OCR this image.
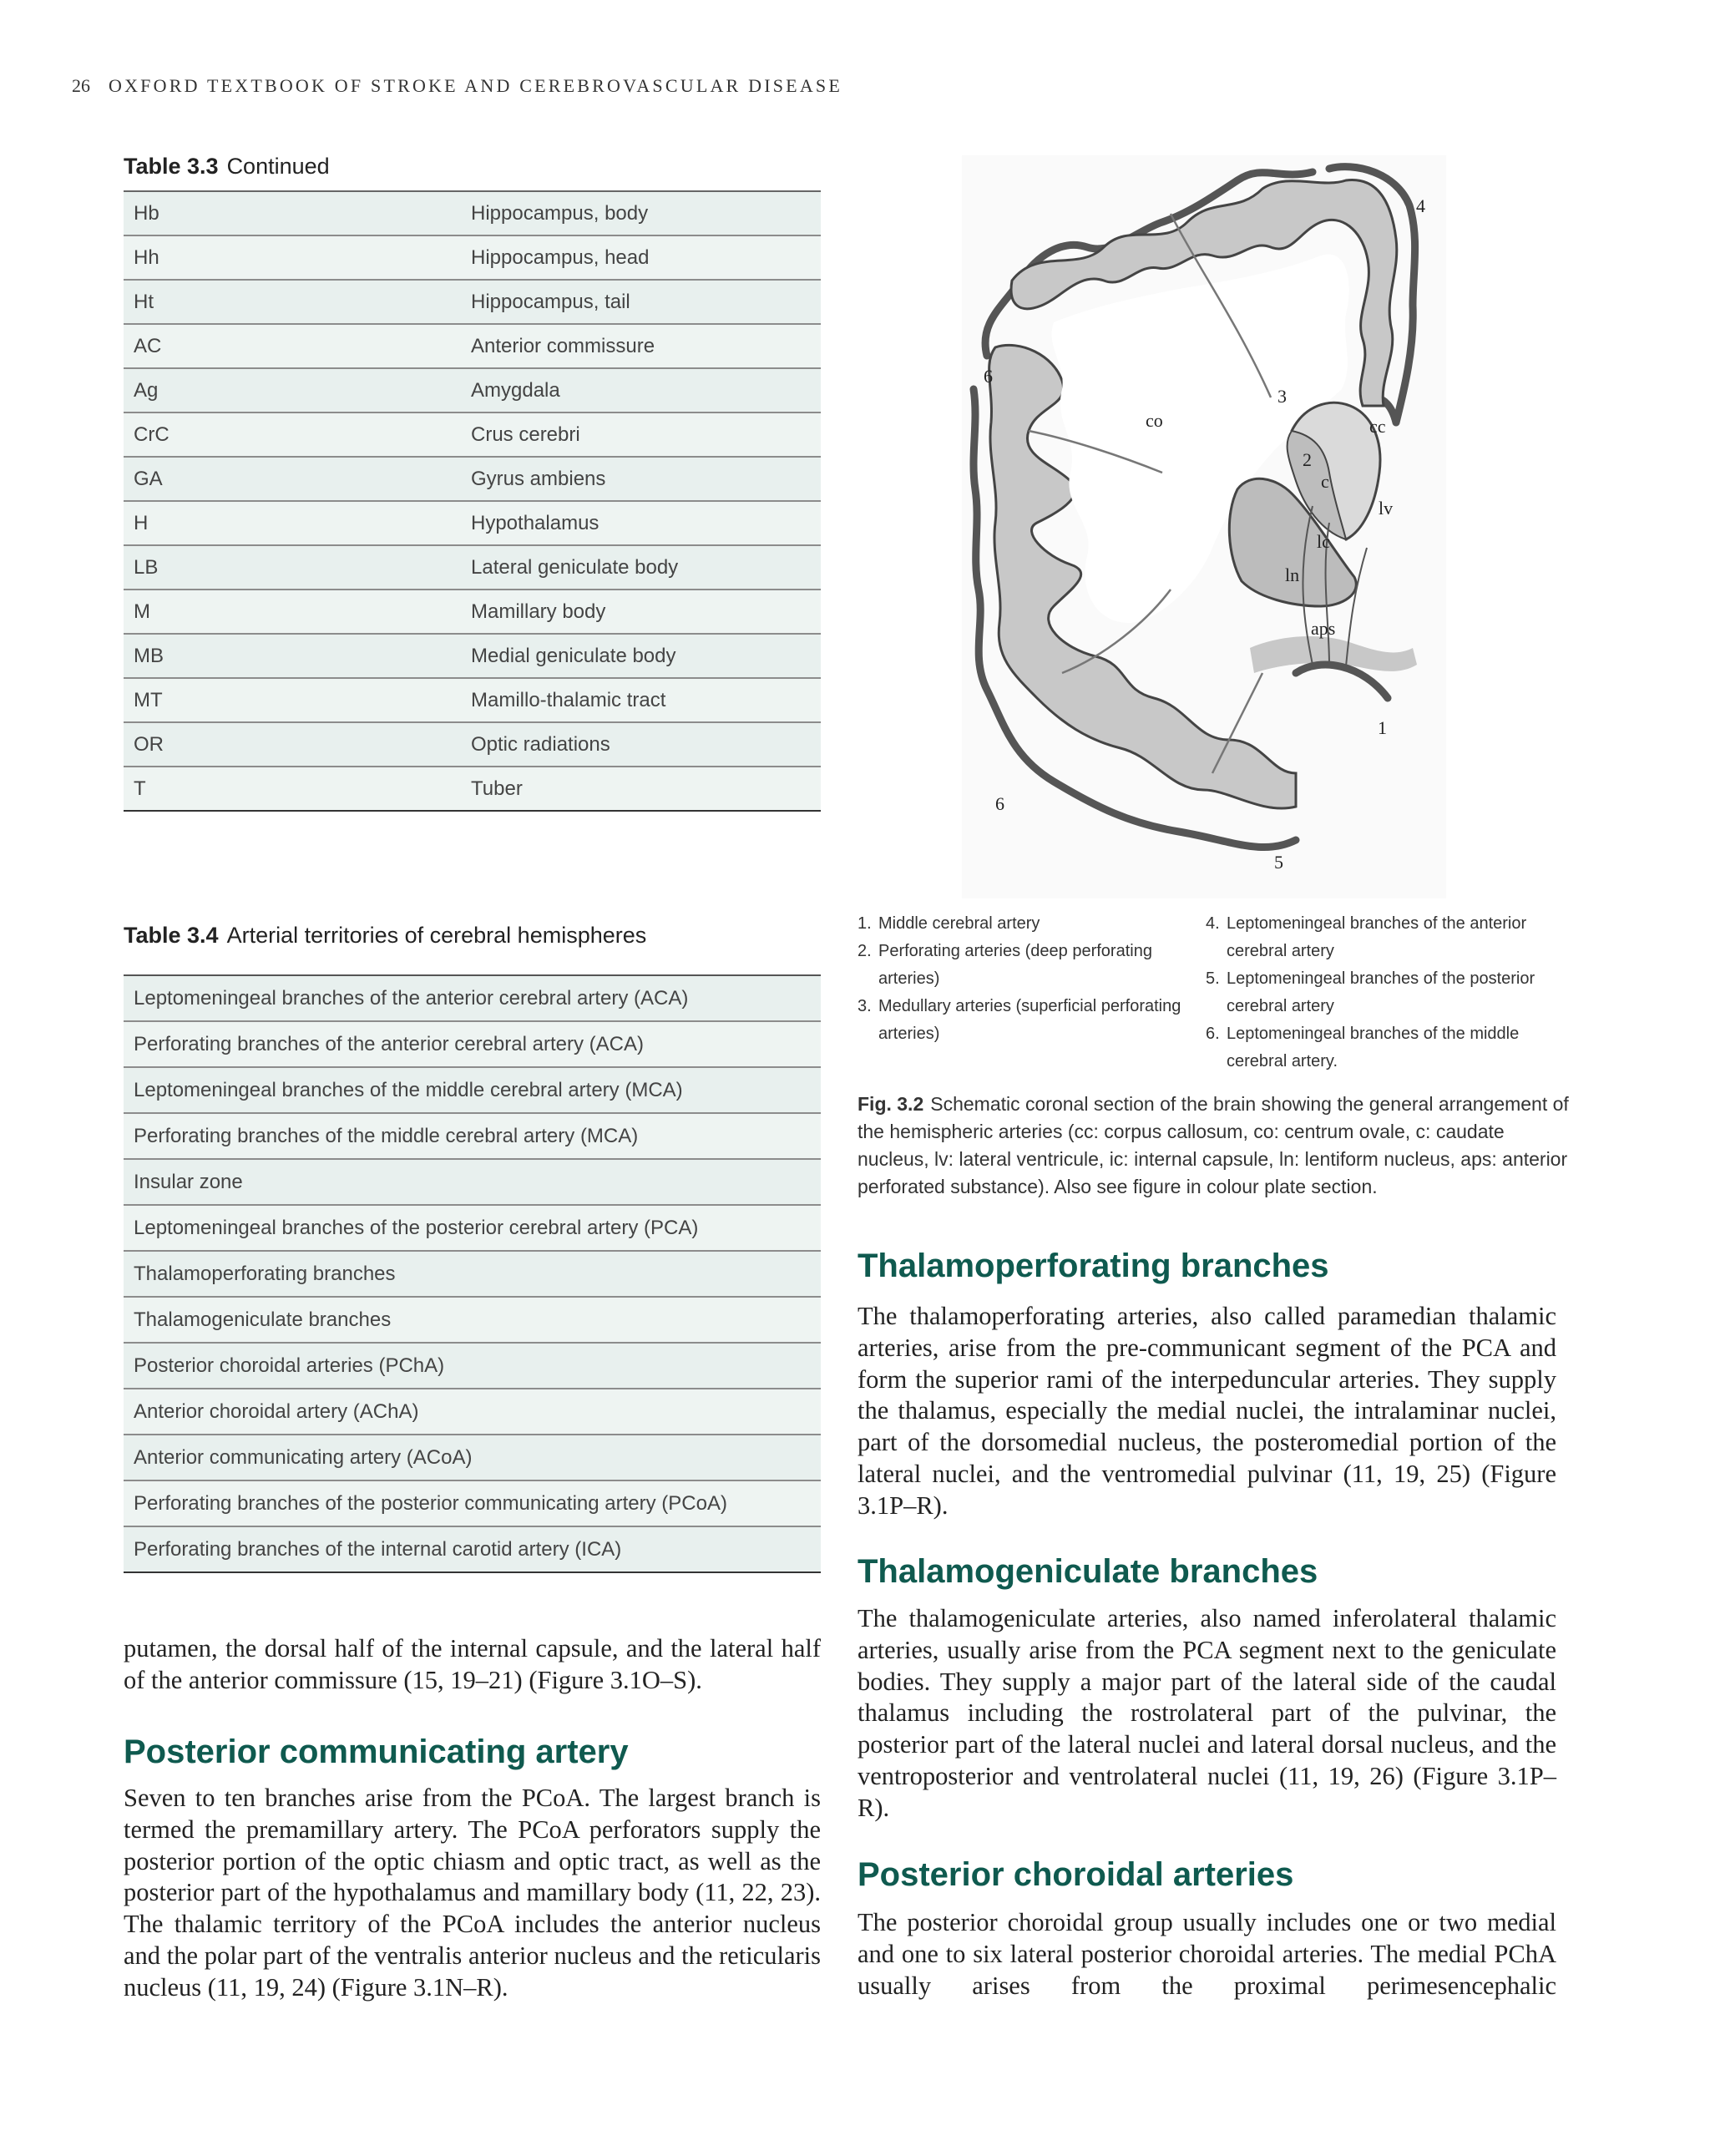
26 OXFORD TEXTBOOK OF STROKE AND CEREBROVASCULAR DISEASE
Table 3.3 Continued
Hb	Hippocampus, body
Hh	Hippocampus, head
Ht	Hippocampus, tail
AC	Anterior commissure
Ag	Amygdala
CrC	Crus cerebri
GA	Gyrus ambiens
H	Hypothalamus
LB	Lateral geniculate body
M	Mamillary body
MB	Medial geniculate body
MT	Mamillo-thalamic tract
OR	Optic radiations
T	Tuber
Table 3.4 Arterial territories of cerebral hemispheres
Leptomeningeal branches of the anterior cerebral artery (ACA)
Perforating branches of the anterior cerebral artery (ACA)
Leptomeningeal branches of the middle cerebral artery (MCA)
Perforating branches of the middle cerebral artery (MCA)
Insular zone
Leptomeningeal branches of the posterior cerebral artery (PCA)
Thalamoperforating branches
Thalamogeniculate branches
Posterior choroidal arteries (PChA)
Anterior choroidal artery (AChA)
Anterior communicating artery (ACoA)
Perforating branches of the posterior communicating artery (PCoA)
Perforating branches of the internal carotid artery (ICA)
4
3
6
co	cc
2
c
lv
lc
ln
aps
1
6
5
1. Middle cerebral artery
2. Perforating arteries (deep perforating arteries)
3. Medullary arteries (superficial perforating arteries)
4. Leptomeningeal branches of the anterior cerebral artery
5. Leptomeningeal branches of the posterior cerebral artery
6. Leptomeningeal branches of the middle cerebral artery.
Fig. 3.2 Schematic coronal section of the brain showing the general arrangement of the hemispheric arteries (cc: corpus callosum, co: centrum ovale, c: caudate nucleus, lv: lateral ventricule, ic: internal capsule, ln: lentiform nucleus, aps: anterior perforated substance). Also see figure in colour plate section.

putamen, the dorsal half of the internal capsule, and the lateral half of the anterior commissure (15, 19–21) (Figure 3.1O–S).

Posterior communicating artery

Seven to ten branches arise from the PCoA. The largest branch is termed the premamillary artery. The PCoA perforators supply the posterior portion of the optic chiasm and optic tract, as well as the posterior part of the hypothalamus and mamillary body (11, 22, 23). The thalamic territory of the PCoA includes the anterior nucleus and the polar part of the ventralis anterior nucleus and the reticularis nucleus (11, 19, 24) (Figure 3.1N–R).

Thalamoperforating branches

The thalamoperforating arteries, also called paramedian thalamic arteries, arise from the pre-communicant segment of the PCA and form the superior rami of the interpeduncular arteries. They supply the thalamus, especially the medial nuclei, the intralaminar nuclei, part of the dorsomedial nucleus, the posteromedial portion of the lateral nuclei, and the ventromedial pulvinar (11, 19, 25) (Figure 3.1P–R).

Thalamogeniculate branches

The thalamogeniculate arteries, also named inferolateral thalamic arteries, usually arise from the PCA segment next to the geniculate bodies. They supply a major part of the lateral side of the caudal thalamus including the rostrolateral part of the pulvinar, the posterior part of the lateral nuclei and lateral dorsal nucleus, and the ventroposterior and ventrolateral nuclei (11, 19, 26) (Figure 3.1P–R).

Posterior choroidal arteries

The posterior choroidal group usually includes one or two medial and one to six lateral posterior choroidal arteries. The medial PChA usually arises from the proximal perimesencephalic
